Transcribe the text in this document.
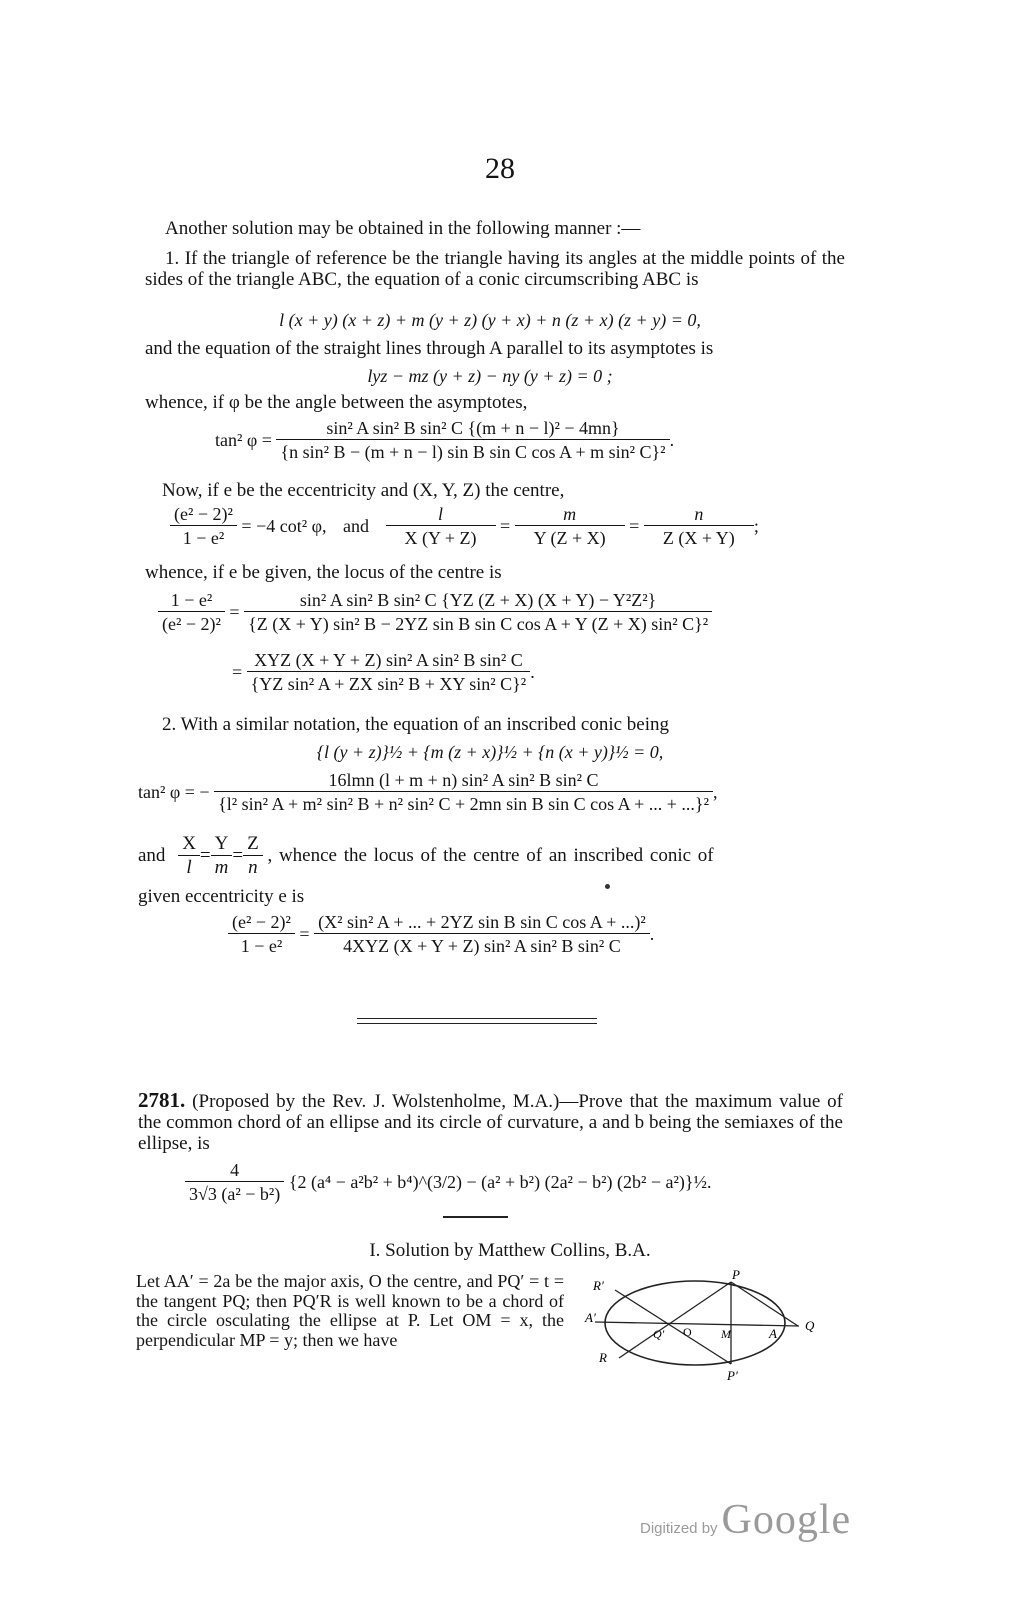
28
Another solution may be obtained in the following manner :—
1. If the triangle of reference be the triangle having its angles at the middle points of the sides of the triangle ABC, the equation of a conic circumscribing ABC is
l (x + y) (x + z) + m (y + z) (y + x) + n (z + x) (z + y) = 0,
and the equation of the straight lines through A parallel to its asymptotes is
lyz − mz (y + z) − ny (y + z) = 0 ;
whence, if φ be the angle between the asymptotes,
tan² $\varphi = \frac{\text{sin² A sin² B sin² C \{(m + n − l)² − 4mn\}}}{\text{\{n sin² B − (m + n − l) sin B sin C cos A + m sin² C\}²}}$ .
Now, if e be the eccentricity and (X, Y, Z) the centre,
$\frac{\text{(e² − 2)²}}{\text{1 − e²}} = -4$ cot² φ, and $\frac{l}{X (Y + Z)} = \frac{m}{Y (Z + X)} = \frac{n}{Z (X + Y)}$ ;
whence, if e be given, the locus of the centre is
$\frac{\text{1 − e²}}{\text{(e² − 2)²}}$ =
sin² A sin² B sin² C {YZ (Z + X) (X + Y) − Y²Z²}
{Z (X + Y) sin² B − 2YZ sin B sin C cos A + Y (Z + X) sin² C}²
= $\frac{\text{XYZ (X + Y + Z) sin² A sin² B sin² C}}{\text{\{YZ sin² A + ZX sin² B + XY sin² C\}²}}$ .
2. With a similar notation, the equation of an inscribed conic being
{l (y + z)}½ + {m (z + x)}½ + {n (x + y)}½ = 0,
tan² φ = −
16lmn (l + m + n) sin² A sin² B sin² C
{l² sin² A + m² sin² B + n² sin² C + 2mn sin B sin C cos A + ... + ...}²
,
and $\frac{X}{l} = \frac{Y}{m} = \frac{Z}{n}$ , whence the locus of the centre of an inscribed conic of
given eccentricity e is
$\frac{\text{(e² − 2)²}}{\text{1 − e²}} = \frac{\text{(X² sin² A + ... + 2YZ sin B sin C cos A + ...)²}}{\text{4XYZ (X + Y + Z) sin² A sin² B sin² C}}$ .
2781. (Proposed by the Rev. J. Wolstenholme, M.A.)—Prove that the maximum value of the common chord of an ellipse and its circle of curvature, a and b being the semiaxes of the ellipse, is
$\frac{4}{\text{3√3 (a² − b²)}} \{2$ (a⁴ − a²b² + b⁴)^(3/2) − (a² + b²) (2a² − b²) (2b² − a²)}½.
I. Solution by Matthew Collins, B.A.
Let AA′ = 2a be the major axis, O the centre, and PQ′ = t = the tangent PQ; then PQ′R is well known to be a chord of the circle osculating the ellipse at P. Let OM = x, the perpendicular MP = y; then we have
P
R′
A′
Q′ O M	A
Q
R
P′
Digitized by Google
